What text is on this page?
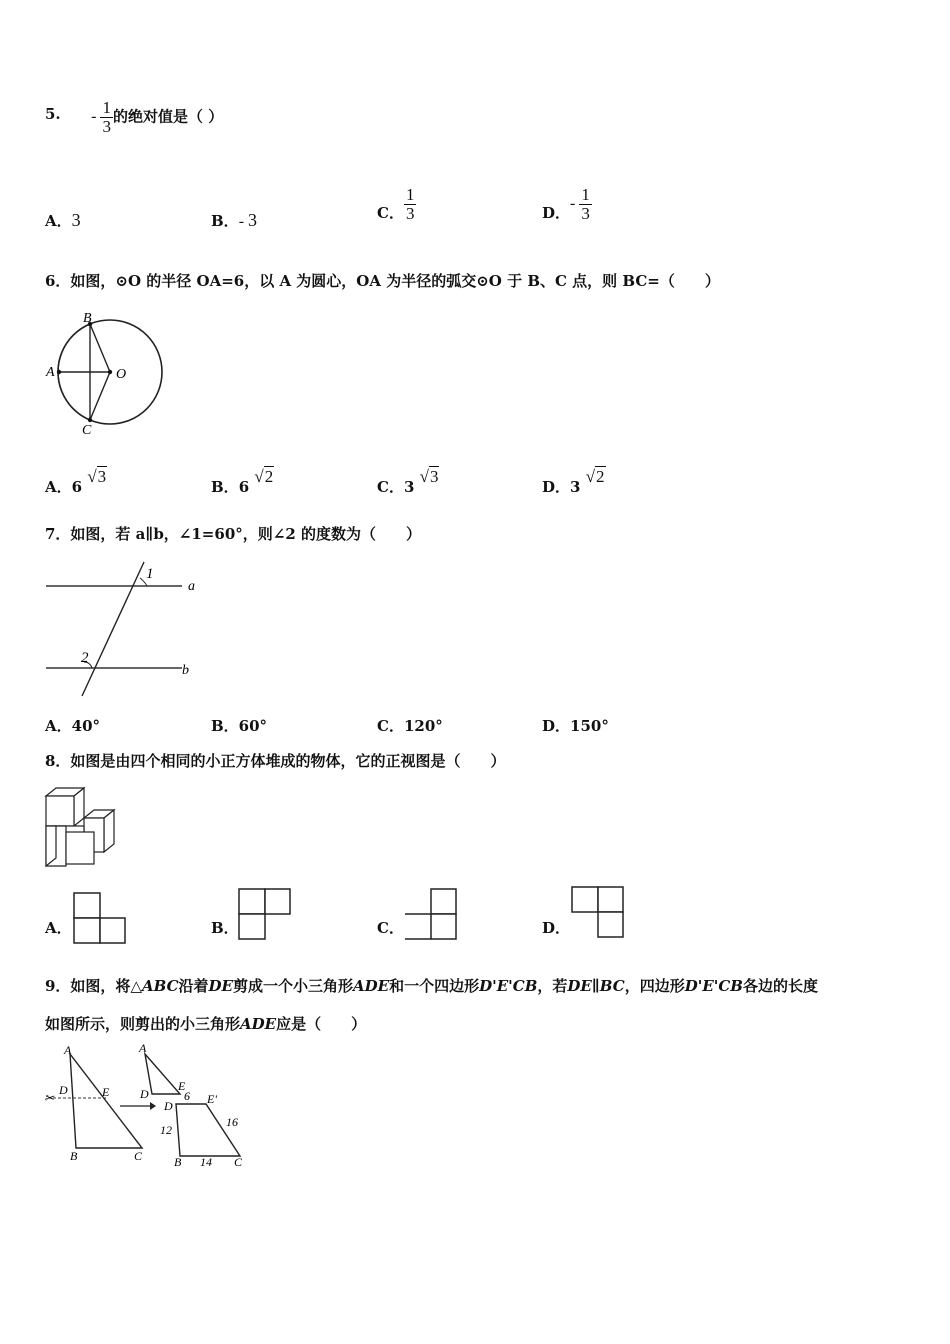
5. - $\frac{1}{3}$ 的绝对值是（ ）
A．3	B．- 3	C． $\frac{1}{3}$	D．- $\frac{1}{3}$
6．如图，⊙O 的半径 OA=6，以 A 为圆心，OA 为半径的弧交⊙O 于 B、C 点，则 BC=（　　）
B
A	O
C
A．6 √3
B．6 √2
C．3 √3
D．3 √2
7．如图，若 a∥b，∠1=60°，则∠2 的度数为（　　）
1
2
a
b
A．40°	B．60°	C．120°	D．150°
8．如图是由四个相同的小正方体堆成的物体，它的正视图是（　　）
A．	B．	C．	D．
9．如图，将△ABC沿着DE剪成一个小三角形ADE和一个四边形D'E'CB，若DE∥BC，四边形D'E'CB各边的长度
如图所示，则剪出的小三角形ADE应是（　　）
✂
A
D	E
B	C
A
D
E
D	E'
B	C
6
12
16
14
